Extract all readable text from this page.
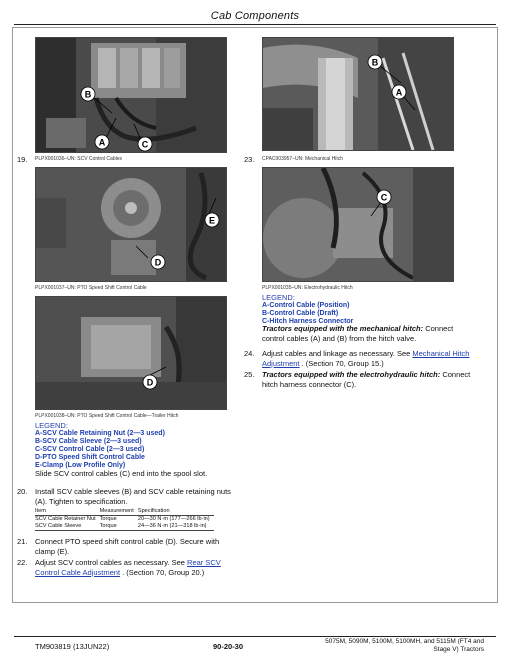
Cab Components
B
A	C
19. PLPX001036–UN: SCV Control Cables
E
D
PLPX001037–UN: PTO Speed Shift Control Cable
D
PLPX001038–UN: PTO Speed Shift Control Cable—Trailer Hitch
LEGEND:
A-SCV Cable Retaining Nut (2—3 used)
B-SCV Cable Sleeve (2—3 used)
C-SCV Control Cable (2—3 used)
D-PTO Speed Shift Control Cable
E-Clamp (Low Profile Only)
Slide SCV control cables (C) end into the spool slot.
20. Install SCV cable sleeves (B) and SCV cable retaining nuts (A). Tighten to specification.
Item	Measurement	Specification
SCV Cable Retainer Nut	Torque	20—30 N·m (177—266 lb·in)
SCV Cable Sleeve	Torque	24—36 N·m (21—318 lb·in)
21. Connect PTO speed shift control cable (D). Secure with clamp (E).
22. Adjust SCV control cables as necessary. See Rear SCV Control Cable Adjustment . (Section 70, Group 20.)
B
A
23. CPAC003957–UN: Mechanical Hitch
C
PLPX001035–UN: Electrohydraulic Hitch
LEGEND:
A-Control Cable (Position)
B-Control Cable (Draft)
C-Hitch Harness Connector
Tractors equipped with the mechanical hitch: Connect control cables (A) and (B) from the hitch valve.
24. Adjust cables and linkage as necessary. See Mechanical Hitch Adjustment . (Section 70, Group 15.)
25. Tractors equipped with the electrohydraulic hitch: Connect hitch harness connector (C).
TM903819 (13JUN22)	90-20-30
5075M, 5090M, 5100M, 5100MH, and 5115M (FT4 and
Stage V) Tractors
